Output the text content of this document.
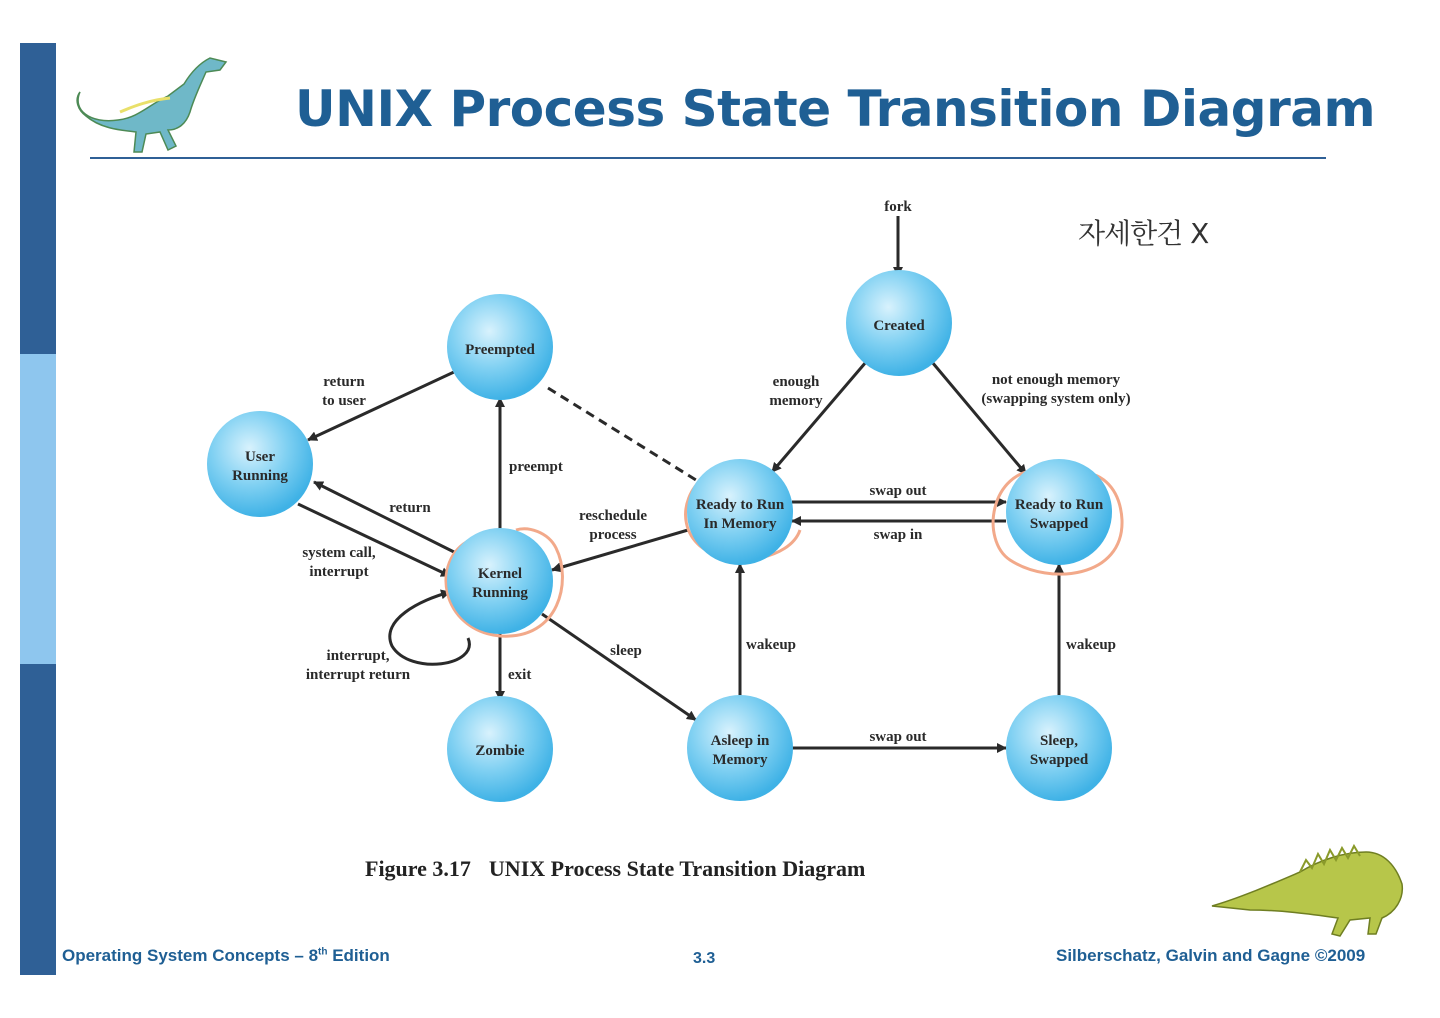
Created
Preempted
User Running
Kernel Running
Ready to Run In Memory
Ready to Run Swapped
Zombie
Asleep in Memory
Sleep, Swapped
fork
enough memory
not enough memory (swapping system only)
return to user
preempt
return	reschedule process
swap out
swap in
system call, interrupt
interrupt, interrupt return	exit
sleep	wakeup	wakeup
swap out
UNIX Process State Transition Diagram
자세한건 X
Figure 3.17 UNIX Process State Transition Diagram
Operating System Concepts – 8th Edition	3.3	Silberschatz, Galvin and Gagne ©2009
